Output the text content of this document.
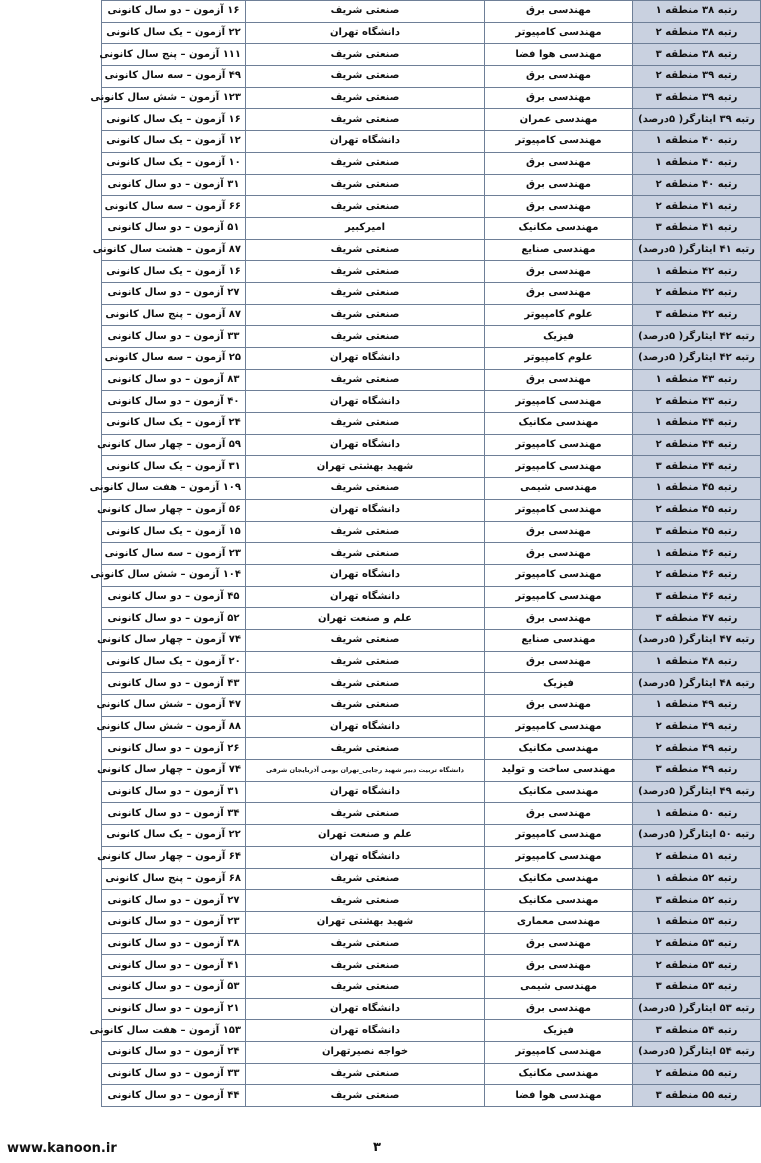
رتبه ۳۸ منطقه ۱	مهندسی برق	صنعتی شریف	۱۶ آزمون – دو سال کانونی
رتبه ۳۸ منطقه ۲	مهندسی کامپیوتر	دانشگاه تهران	۲۲ آزمون – یک سال کانونی
رتبه ۳۸ منطقه ۳	مهندسی هوا فضا	صنعتی شریف	۱۱۱ آزمون – پنج سال کانونی
رتبه ۳۹ منطقه ۲	مهندسی برق	صنعتی شریف	۴۹ آزمون – سه سال کانونی
رتبه ۳۹ منطقه ۳	مهندسی برق	صنعتی شریف	۱۲۳ آزمون – شش سال کانونی
رتبه ۳۹ ایثارگر( ۵درصد)	مهندسی عمران	صنعتی شریف	۱۶ آزمون – یک سال کانونی
رتبه ۴۰ منطقه ۱	مهندسی کامپیوتر	دانشگاه تهران	۱۲ آزمون – یک سال کانونی
رتبه ۴۰ منطقه ۱	مهندسی برق	صنعتی شریف	۱۰ آزمون – یک سال کانونی
رتبه ۴۰ منطقه ۲	مهندسی برق	صنعتی شریف	۳۱ آزمون – دو سال کانونی
رتبه ۴۱ منطقه ۲	مهندسی برق	صنعتی شریف	۶۶ آزمون – سه سال کانونی
رتبه ۴۱ منطقه ۳	مهندسی مکانیک	امیرکبیر	۵۱ آزمون – دو سال کانونی
رتبه ۴۱ ایثارگر( ۵درصد)	مهندسی صنایع	صنعتی شریف	۸۷ آزمون – هشت سال کانونی
رتبه ۴۲ منطقه ۱	مهندسی برق	صنعتی شریف	۱۶ آزمون – یک سال کانونی
رتبه ۴۲ منطقه ۲	مهندسی برق	صنعتی شریف	۲۷ آزمون – دو سال کانونی
رتبه ۴۲ منطقه ۳	علوم کامپیوتر	صنعتی شریف	۸۷ آزمون – پنج سال کانونی
رتبه ۴۲ ایثارگر( ۵درصد)	فیزیک	صنعتی شریف	۳۳ آزمون – دو سال کانونی
رتبه ۴۲ ایثارگر( ۵درصد)	علوم کامپیوتر	دانشگاه تهران	۲۵ آزمون – سه سال کانونی
رتبه ۴۳ منطقه ۱	مهندسی برق	صنعتی شریف	۸۳ آزمون – دو سال کانونی
رتبه ۴۳ منطقه ۲	مهندسی کامپیوتر	دانشگاه تهران	۴۰ آزمون – دو سال کانونی
رتبه ۴۴ منطقه ۱	مهندسی مکانیک	صنعتی شریف	۲۴ آزمون – یک سال کانونی
رتبه ۴۴ منطقه ۲	مهندسی کامپیوتر	دانشگاه تهران	۵۹ آزمون – چهار سال کانونی
رتبه ۴۴ منطقه ۳	مهندسی کامپیوتر	شهید بهشتی تهران	۳۱ آزمون – یک سال کانونی
رتبه ۴۵ منطقه ۱	مهندسی شیمی	صنعتی شریف	۱۰۹ آزمون – هفت سال کانونی
رتبه ۴۵ منطقه ۲	مهندسی کامپیوتر	دانشگاه تهران	۵۶ آزمون – چهار سال کانونی
رتبه ۴۵ منطقه ۳	مهندسی برق	صنعتی شریف	۱۵ آزمون – یک سال کانونی
رتبه ۴۶ منطقه ۱	مهندسی برق	صنعتی شریف	۲۳ آزمون – سه سال کانونی
رتبه ۴۶ منطقه ۲	مهندسی کامپیوتر	دانشگاه تهران	۱۰۴ آزمون – شش سال کانونی
رتبه ۴۶ منطقه ۳	مهندسی کامپیوتر	دانشگاه تهران	۴۵ آزمون – دو سال کانونی
رتبه ۴۷ منطقه ۳	مهندسی برق	علم و صنعت تهران	۵۲ آزمون – دو سال کانونی
رتبه ۴۷ ایثارگر( ۵درصد)	مهندسی صنایع	صنعتی شریف	۷۴ آزمون – چهار سال کانونی
رتبه ۴۸ منطقه ۱	مهندسی برق	صنعتی شریف	۲۰ آزمون – یک سال کانونی
رتبه ۴۸ ایثارگر( ۵درصد)	فیزیک	صنعتی شریف	۴۳ آزمون – دو سال کانونی
رتبه ۴۹ منطقه ۱	مهندسی برق	صنعتی شریف	۴۷ آزمون – شش سال کانونی
رتبه ۴۹ منطقه ۲	مهندسی کامپیوتر	دانشگاه تهران	۸۸ آزمون – شش سال کانونی
رتبه ۴۹ منطقه ۲	مهندسی مکانیک	صنعتی شریف	۲۶ آزمون – دو سال کانونی
رتبه ۴۹ منطقه ۳	مهندسی ساخت و تولید	دانشگاه تربیت دبیر شهید رجایی_تهران بومی آذربایجان شرقی	۷۴ آزمون – چهار سال کانونی
رتبه ۴۹ ایثارگر( ۵درصد)	مهندسی مکانیک	دانشگاه تهران	۳۱ آزمون – دو سال کانونی
رتبه ۵۰ منطقه ۱	مهندسی برق	صنعتی شریف	۳۴ آزمون – دو سال کانونی
رتبه ۵۰ ایثارگر( ۵درصد)	مهندسی کامپیوتر	علم و صنعت تهران	۲۲ آزمون – یک سال کانونی
رتبه ۵۱ منطقه ۲	مهندسی کامپیوتر	دانشگاه تهران	۶۴ آزمون – چهار سال کانونی
رتبه ۵۲ منطقه ۱	مهندسی مکانیک	صنعتی شریف	۶۸ آزمون – پنج سال کانونی
رتبه ۵۲ منطقه ۳	مهندسی مکانیک	صنعتی شریف	۲۷ آزمون – دو سال کانونی
رتبه ۵۳ منطقه ۱	مهندسی معماری	شهید بهشتی تهران	۲۳ آزمون – دو سال کانونی
رتبه ۵۳ منطقه ۲	مهندسی برق	صنعتی شریف	۳۸ آزمون – دو سال کانونی
رتبه ۵۳ منطقه ۲	مهندسی برق	صنعتی شریف	۴۱ آزمون – دو سال کانونی
رتبه ۵۳ منطقه ۳	مهندسی شیمی	صنعتی شریف	۵۳ آزمون – دو سال کانونی
رتبه ۵۳ ایثارگر( ۵درصد)	مهندسی برق	دانشگاه تهران	۲۱ آزمون – دو سال کانونی
رتبه ۵۴ منطقه ۳	فیزیک	دانشگاه تهران	۱۵۳ آزمون – هفت سال کانونی
رتبه ۵۴ ایثارگر( ۵درصد)	مهندسی کامپیوتر	خواجه نصیرتهران	۲۴ آزمون – دو سال کانونی
رتبه ۵۵ منطقه ۲	مهندسی مکانیک	صنعتی شریف	۳۳ آزمون – دو سال کانونی
رتبه ۵۵ منطقه ۳	مهندسی هوا فضا	صنعتی شریف	۴۴ آزمون – دو سال کانونی
www.kanoon.ir	۳
